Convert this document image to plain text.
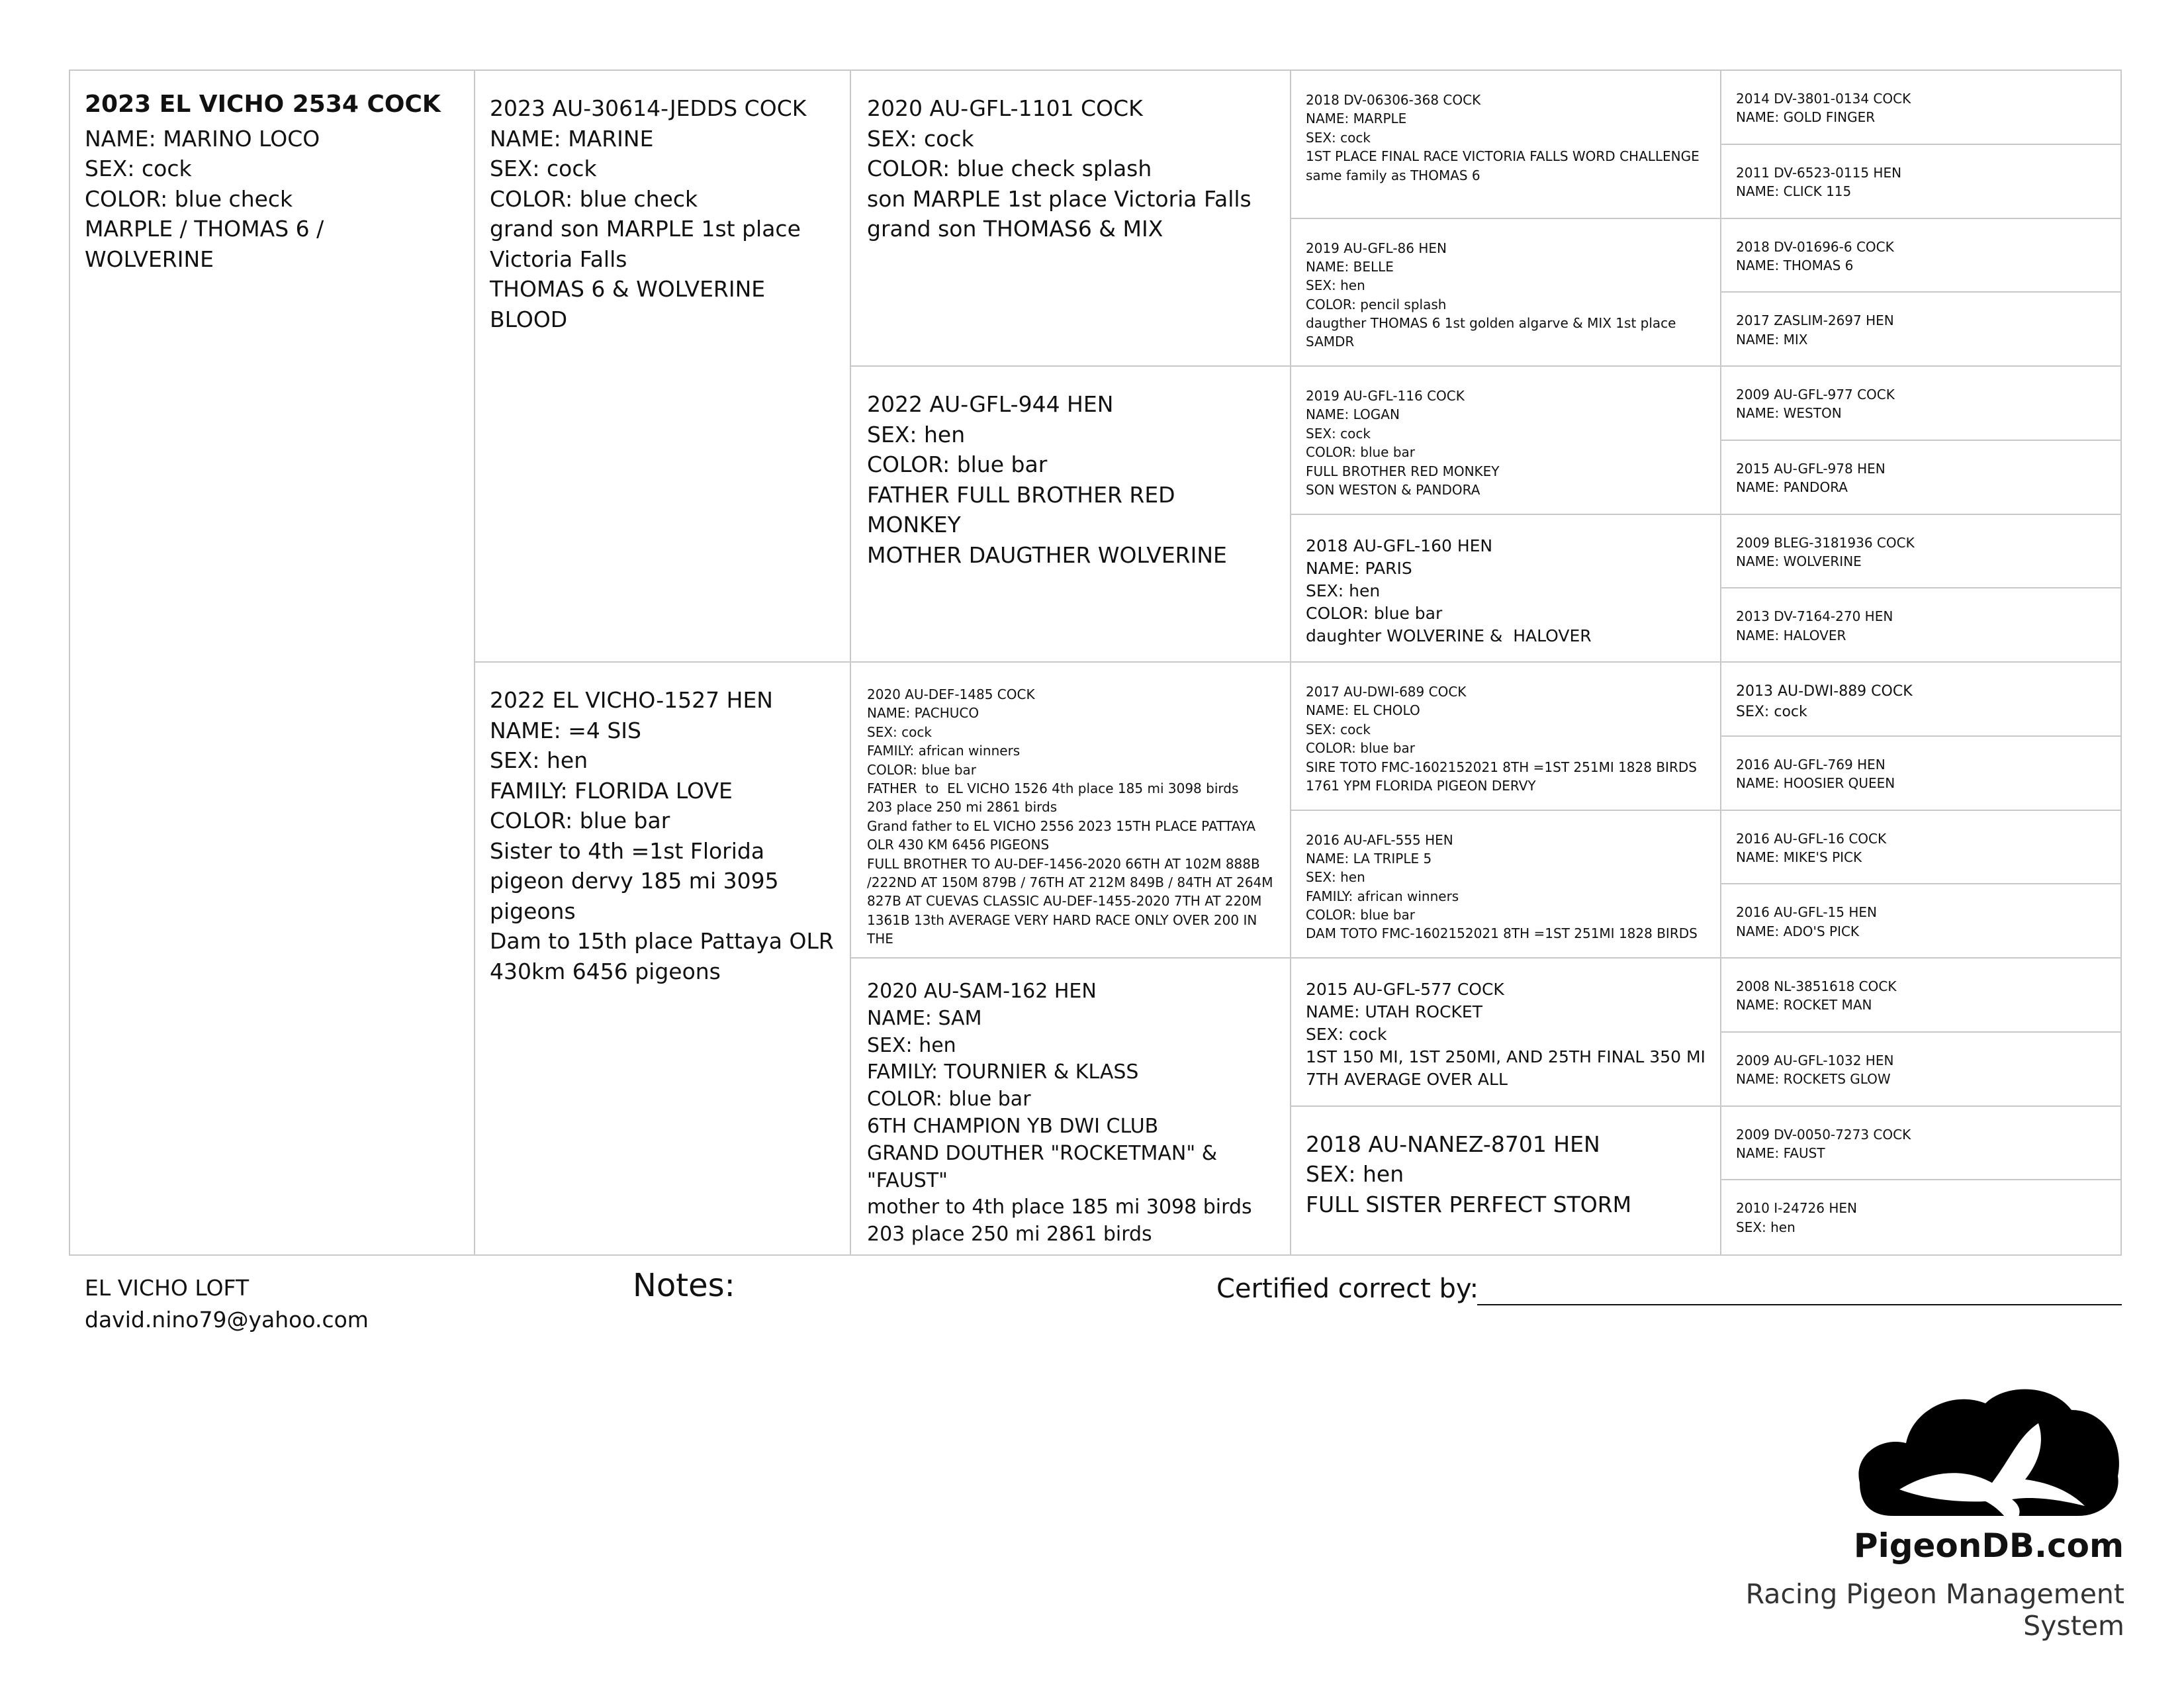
2023 EL VICHO 2534 COCK
NAME: MARINO LOCO
SEX: cock
COLOR: blue check
MARPLE / THOMAS 6 / WOLVERINE
2023 AU-30614-JEDDS COCK
NAME: MARINE
SEX: cock
COLOR: blue check
grand son MARPLE 1st place Victoria Falls
THOMAS 6 & WOLVERINE BLOOD
2022 EL VICHO-1527 HEN
NAME: =4 SIS
SEX: hen
FAMILY: FLORIDA LOVE
COLOR: blue bar
Sister to 4th =1st Florida pigeon dervy 185 mi 3095 pigeons
Dam to 15th place Pattaya OLR 430km 6456 pigeons
2020 AU-GFL-1101 COCK
SEX: cock
COLOR: blue check splash
son MARPLE 1st place Victoria Falls
grand son THOMAS6 & MIX
2022 AU-GFL-944 HEN
SEX: hen
COLOR: blue bar
FATHER FULL BROTHER RED MONKEY
MOTHER DAUGTHER WOLVERINE
2020 AU-DEF-1485 COCK
NAME: PACHUCO
SEX: cock
FAMILY: african winners
COLOR: blue bar
FATHER  to  EL VICHO 1526 4th place 185 mi 3098 birds
203 place 250 mi 2861 birds
Grand father to EL VICHO 2556 2023 15TH PLACE PATTAYA OLR 430 KM 6456 PIGEONS
FULL BROTHER TO AU-DEF-1456-2020 66TH AT 102M 888B /222ND AT 150M 879B / 76TH AT 212M 849B / 84TH AT 264M 827B AT CUEVAS CLASSIC AU-DEF-1455-2020 7TH AT 220M 1361B 13th AVERAGE VERY HARD RACE ONLY OVER 200 IN THE
2020 AU-SAM-162 HEN
NAME: SAM
SEX: hen
FAMILY: TOURNIER & KLASS
COLOR: blue bar
6TH CHAMPION YB DWI CLUB
GRAND DOUTHER "ROCKETMAN" & "FAUST"
mother to 4th place 185 mi 3098 birds
203 place 250 mi 2861 birds
2018 DV-06306-368 COCK
NAME: MARPLE
SEX: cock
1ST PLACE FINAL RACE VICTORIA FALLS WORD CHALLENGE
same family as THOMAS 6
2019 AU-GFL-86 HEN
NAME: BELLE
SEX: hen
COLOR: pencil splash
daugther THOMAS 6 1st golden algarve & MIX 1st place SAMDR
2019 AU-GFL-116 COCK
NAME: LOGAN
SEX: cock
COLOR: blue bar
FULL BROTHER RED MONKEY
SON WESTON & PANDORA
2018 AU-GFL-160 HEN
NAME: PARIS
SEX: hen
COLOR: blue bar
daughter WOLVERINE &  HALOVER
2017 AU-DWI-689 COCK
NAME: EL CHOLO
SEX: cock
COLOR: blue bar
SIRE TOTO FMC-1602152021 8TH =1ST 251MI 1828 BIRDS
1761 YPM FLORIDA PIGEON DERVY
2016 AU-AFL-555 HEN
NAME: LA TRIPLE 5
SEX: hen
FAMILY: african winners
COLOR: blue bar
DAM TOTO FMC-1602152021 8TH =1ST 251MI 1828 BIRDS
2015 AU-GFL-577 COCK
NAME: UTAH ROCKET
SEX: cock
1ST 150 MI, 1ST 250MI, AND 25TH FINAL 350 MI
7TH AVERAGE OVER ALL
2018 AU-NANEZ-8701 HEN
SEX: hen
FULL SISTER PERFECT STORM
2014 DV-3801-0134 COCK
NAME: GOLD FINGER
2011 DV-6523-0115 HEN
NAME: CLICK 115
2018 DV-01696-6 COCK
NAME: THOMAS 6
2017 ZASLIM-2697 HEN
NAME: MIX
2009 AU-GFL-977 COCK
NAME: WESTON
2015 AU-GFL-978 HEN
NAME: PANDORA
2009 BLEG-3181936 COCK
NAME: WOLVERINE
2013 DV-7164-270 HEN
NAME: HALOVER
2013 AU-DWI-889 COCK
SEX: cock
2016 AU-GFL-769 HEN
NAME: HOOSIER QUEEN
2016 AU-GFL-16 COCK
NAME: MIKE'S PICK
2016 AU-GFL-15 HEN
NAME: ADO'S PICK
2008 NL-3851618 COCK
NAME: ROCKET MAN
2009 AU-GFL-1032 HEN
NAME: ROCKETS GLOW
2009 DV-0050-7273 COCK
NAME: FAUST
2010 I-24726 HEN
SEX: hen
EL VICHO LOFT
david.nino79@yahoo.com
Notes:	Certified correct by:
PigeonDB.com
Racing Pigeon Management System
